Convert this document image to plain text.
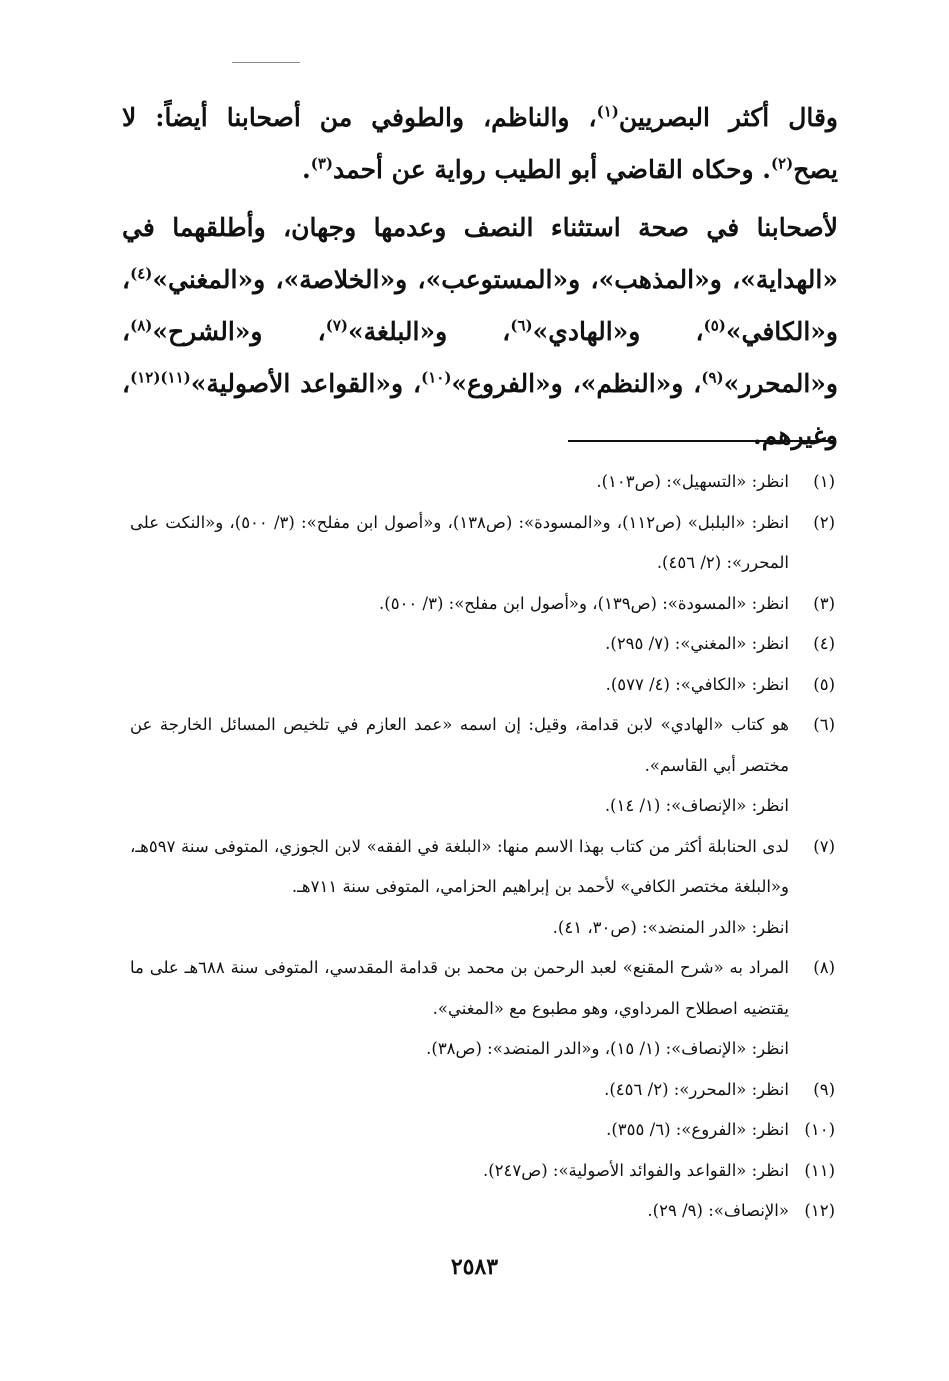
وقال أكثر البصريين$^{(١)}$، والناظم، والطوفي من أصحابنا أيضاً: لا يصح$^{(٢)}$. وحكاه القاضي أبو الطيب رواية عن أحمد$^{(٣)}$.

لأصحابنا في صحة استثناء النصف وعدمها وجهان، وأطلقهما في «الهداية»، و«المذهب»، و«المستوعب»، و«الخلاصة»، و«المغني»$^{(٤)}$، و«الكافي»$^{(٥)}$، و«الهادي»$^{(٦)}$، و«البلغة»$^{(٧)}$، و«الشرح»$^{(٨)}$، و«المحرر»$^{(٩)}$، و«النظم»، و«الفروع»$^{(١٠)}$، و«القواعد الأصولية»$^{(١١)(١٢)}$، وغيرهم.

(١)
انظر: «التسهيل»: (ص١٠٣).
(٢)
انظر: «البلبل» (ص١١٢)، و«المسودة»: (ص١٣٨)، و«أصول ابن مفلح»: (٣/ ٥٠٠)، و«النكت على المحرر»: (٢/ ٤٥٦).
(٣)
انظر: «المسودة»: (ص١٣٩)، و«أصول ابن مفلح»: (٣/ ٥٠٠).
(٤)
انظر: «المغني»: (٧/ ٢٩٥).
(٥)
انظر: «الكافي»: (٤/ ٥٧٧).
(٦)
هو كتاب «الهادي» لابن قدامة، وقيل: إن اسمه «عمد العازم في تلخيص المسائل الخارجة عن مختصر أبي القاسم».
انظر: «الإنصاف»: (١/ ١٤).
(٧)
لدى الحنابلة أكثر من كتاب بهذا الاسم منها: «البلغة في الفقه» لابن الجوزي، المتوفى سنة ٥٩٧هـ، و«البلغة مختصر الكافي» لأحمد بن إبراهيم الحزامي، المتوفى سنة ٧١١هـ.
انظر: «الدر المنضد»: (ص٣٠، ٤١).
(٨)
المراد به «شرح المقنع» لعبد الرحمن بن محمد بن قدامة المقدسي، المتوفى سنة ٦٨٨هـ على ما يقتضيه اصطلاح المرداوي، وهو مطبوع مع «المغني».
انظر: «الإنصاف»: (١/ ١٥)، و«الدر المنضد»: (ص٣٨).
(٩)
انظر: «المحرر»: (٢/ ٤٥٦).
(١٠)
انظر: «الفروع»: (٦/ ٣٥٥).
(١١)
انظر: «القواعد والفوائد الأصولية»: (ص٢٤٧).
(١٢)
«الإنصاف»: (٩/ ٢٩).
٢٥٨٣
